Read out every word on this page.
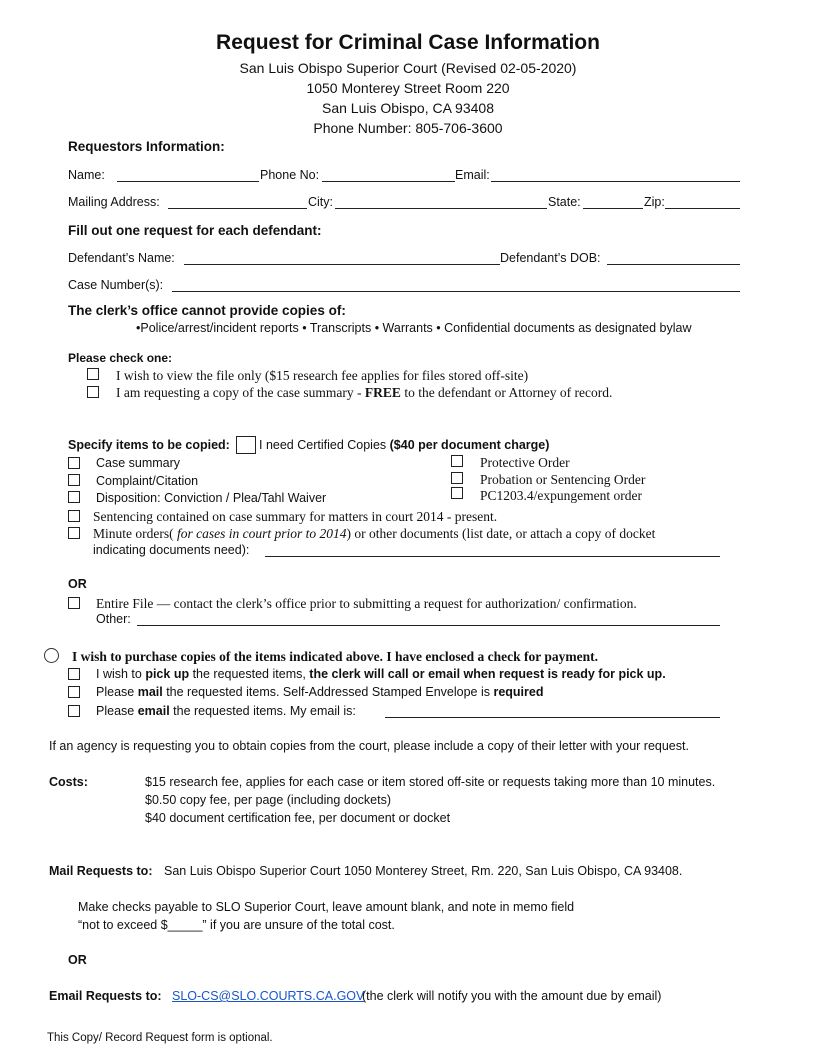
Request for Criminal Case Information
San Luis Obispo Superior Court (Revised 02-05-2020)
1050 Monterey Street Room 220
San Luis Obispo, CA 93408
Phone Number: 805-706-3600
Requestors Information:
Name:	Phone No:	Email:
Mailing Address:	City:	State:	Zip:
Fill out one request for each defendant:
Defendant’s Name:	Defendant’s DOB:
Case Number(s):
The clerk’s office cannot provide copies of:
•Police/arrest/incident reports • Transcripts • Warrants • Confidential documents as designated bylaw
Please check one:
I wish to view the file only ($15 research fee applies for files stored off-site)
I am requesting a copy of the case summary - FREE to the defendant or Attorney of record.
Specify items to be copied: I need Certified Copies ($40 per document charge)
Case summary
Complaint/Citation
Disposition: Conviction / Plea/Tahl Waiver
Protective Order
Probation or Sentencing Order
PC1203.4/expungement order
Sentencing contained on case summary for matters in court 2014 - present.
Minute orders( for cases in court prior to 2014) or other documents (list date, or attach a copy of docket
indicating documents need):
OR
Entire File — contact the clerk’s office prior to submitting a request for authorization/ confirmation.
Other:
I wish to purchase copies of the items indicated above. I have enclosed a check for payment.
I wish to pick up the requested items, the clerk will call or email when request is ready for pick up.
Please mail the requested items. Self-Addressed Stamped Envelope is required
Please email the requested items. My email is:
If an agency is requesting you to obtain copies from the court, please include a copy of their letter with your request.
Costs:	$15 research fee, applies for each case or item stored off-site or requests taking more than 10 minutes.
$0.50 copy fee, per page (including dockets)
$40 document certification fee, per document or docket
Mail Requests to: San Luis Obispo Superior Court 1050 Monterey Street, Rm. 220, San Luis Obispo, CA 93408.
Make checks payable to SLO Superior Court, leave amount blank, and note in memo field
“not to exceed $_____” if you are unsure of the total cost.
OR
Email Requests to: SLO-CS@SLO.COURTS.CA.GOV
(the clerk will notify you with the amount due by email)
This Copy/ Record Request form is optional.
